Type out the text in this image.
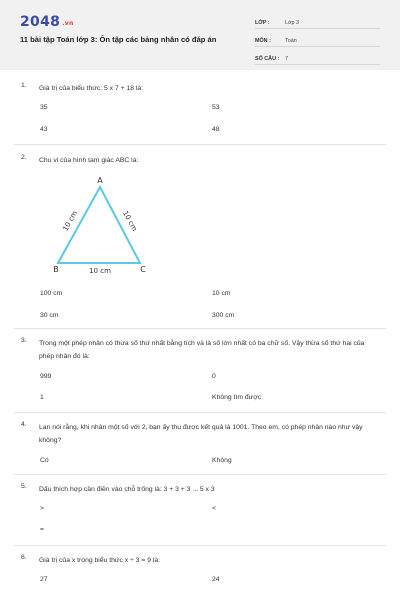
2048 .vn
11 bài tập Toán lớp 3: Ôn tập các bảng nhân có đáp án
LỚP :	Lớp 3
MÔN :	Toán
SỐ CÂU :	7
1. Giá trị của biểu thức: 5 x 7 + 18 là:
35	53
43	48
2. Chu vi của hình tam giác ABC là:
A
B	C
10 cm	10 cm
10 cm
100 cm	10 cm
30 cm	300 cm
3. Trong một phép nhân có thừa số thứ nhất bằng tích và là số lớn nhất có ba chữ số. Vậy thừa số thứ hai của phép nhân đó là:
999	0
1	Không tìm được
4. Lan nói rằng, khi nhân một số với 2, bạn ấy thu được kết quả là 1001. Theo em, có phép nhân nào như vậy không?
Có	Không
5. Dấu thích hợp cần điền vào chỗ trống là: 3 + 3 + 3 ... 5 x 3
>	<
=
6. Giá trị của x trong biểu thức x ÷ 3 = 9 là:
27	24
